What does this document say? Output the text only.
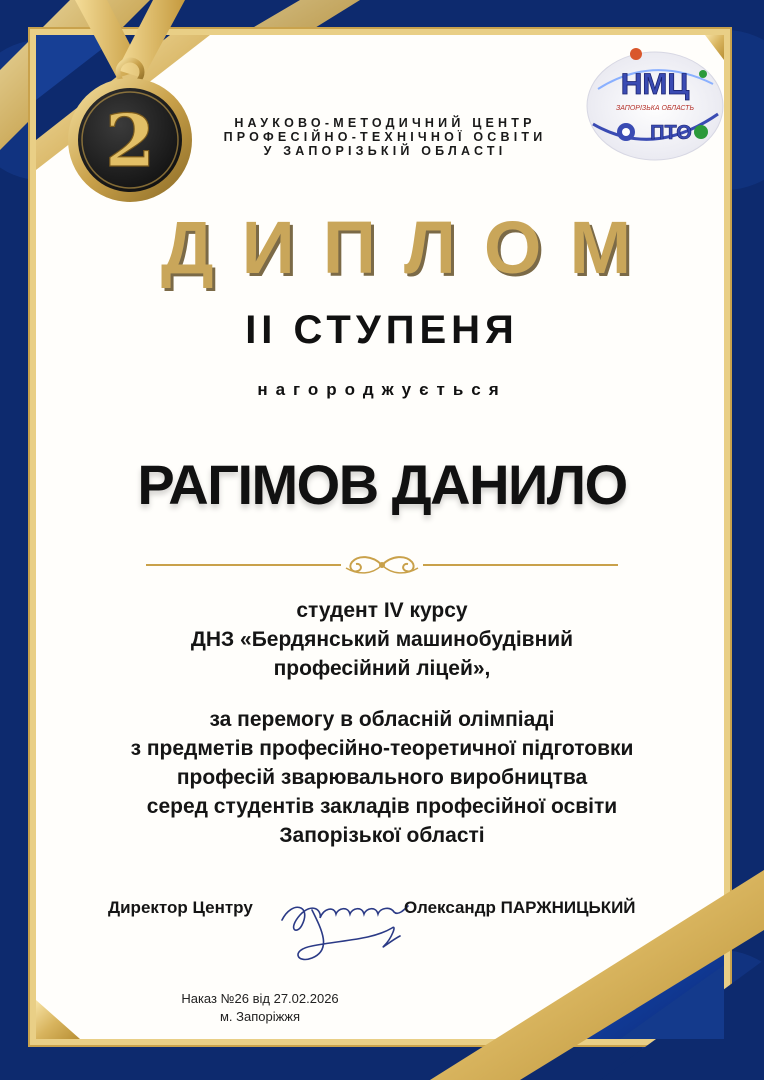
2
НМЦ
ЗАПОРІЗЬКА ОБЛАСТЬ
ПТО
НАУКОВО-МЕТОДИЧНИЙ ЦЕНТР
ПРОФЕСІЙНО-ТЕХНІЧНОЇ ОСВІТИ
У ЗАПОРІЗЬКІЙ ОБЛАСТІ
ДИПЛОМ
ІІ СТУПЕНЯ
нагороджується
РАГІМОВ ДАНИЛО
студент IV курсу
ДНЗ «Бердянський машинобудівний
професійний ліцей»,
за перемогу в обласній олімпіаді
з предметів професійно-теоретичної підготовки
професій зварювального виробництва
серед студентів закладів професійної освіти
Запорізької області
Директор Центру	Олександр ПАРЖНИЦЬКИЙ
Наказ №26 від 27.02.2026
м. Запоріжжя
